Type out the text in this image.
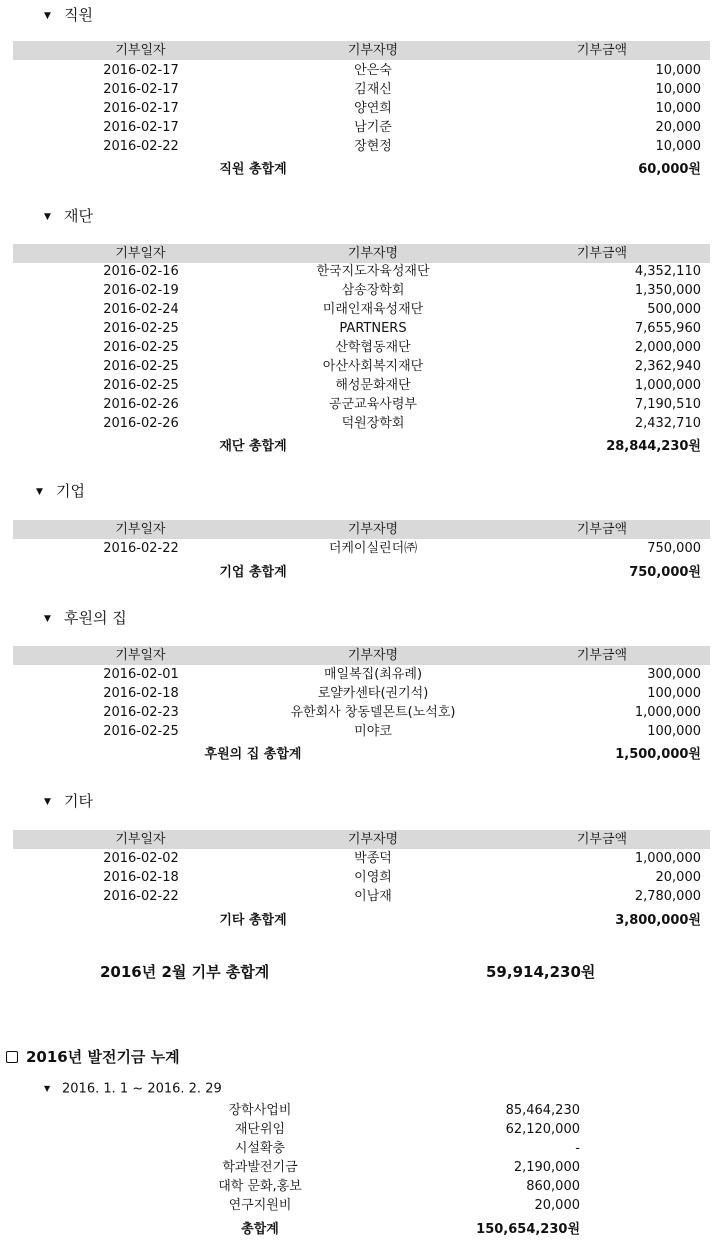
▼ 직원
기부일자	기부자명	기부금액
2016-02-17	안은숙	10,000
2016-02-17	김재신	10,000
2016-02-17	양연희	10,000
2016-02-17	남기준	20,000
2016-02-22	장현정	10,000
직원 총합계	60,000원
▼ 재단
기부일자	기부자명	기부금액
2016-02-16	한국지도자육성재단	4,352,110
2016-02-19	삼송장학회	1,350,000
2016-02-24	미래인재육성재단	500,000
2016-02-25	PARTNERS	7,655,960
2016-02-25	산학협동재단	2,000,000
2016-02-25	아산사회복지재단	2,362,940
2016-02-25	해성문화재단	1,000,000
2016-02-26	공군교육사령부	7,190,510
2016-02-26	덕원장학회	2,432,710
재단 총합계	28,844,230원
▼ 기업
기부일자	기부자명	기부금액
2016-02-22	더케이실린더㈜	750,000
기업 총합계	750,000원
▼ 후원의 집
기부일자	기부자명	기부금액
2016-02-01	매일복집(최유례)	300,000
2016-02-18	로얄카센타(권기석)	100,000
2016-02-23	유한회사 창동델몬트(노석호)	1,000,000
2016-02-25	미야코	100,000
후원의 집 총합계	1,500,000원
▼ 기타
기부일자	기부자명	기부금액
2016-02-02	박종덕	1,000,000
2016-02-18	이영희	20,000
2016-02-22	이남재	2,780,000
기타 총합계	3,800,000원
2016년 2월 기부 총합계	59,914,230원
2016년 발전기금 누계
▼ 2016. 1. 1 ~ 2016. 2. 29
장학사업비	85,464,230
재단위임	62,120,000
시설확충	-
학과발전기금	2,190,000
대학 문화,홍보	860,000
연구지원비	20,000
총합계	150,654,230원
